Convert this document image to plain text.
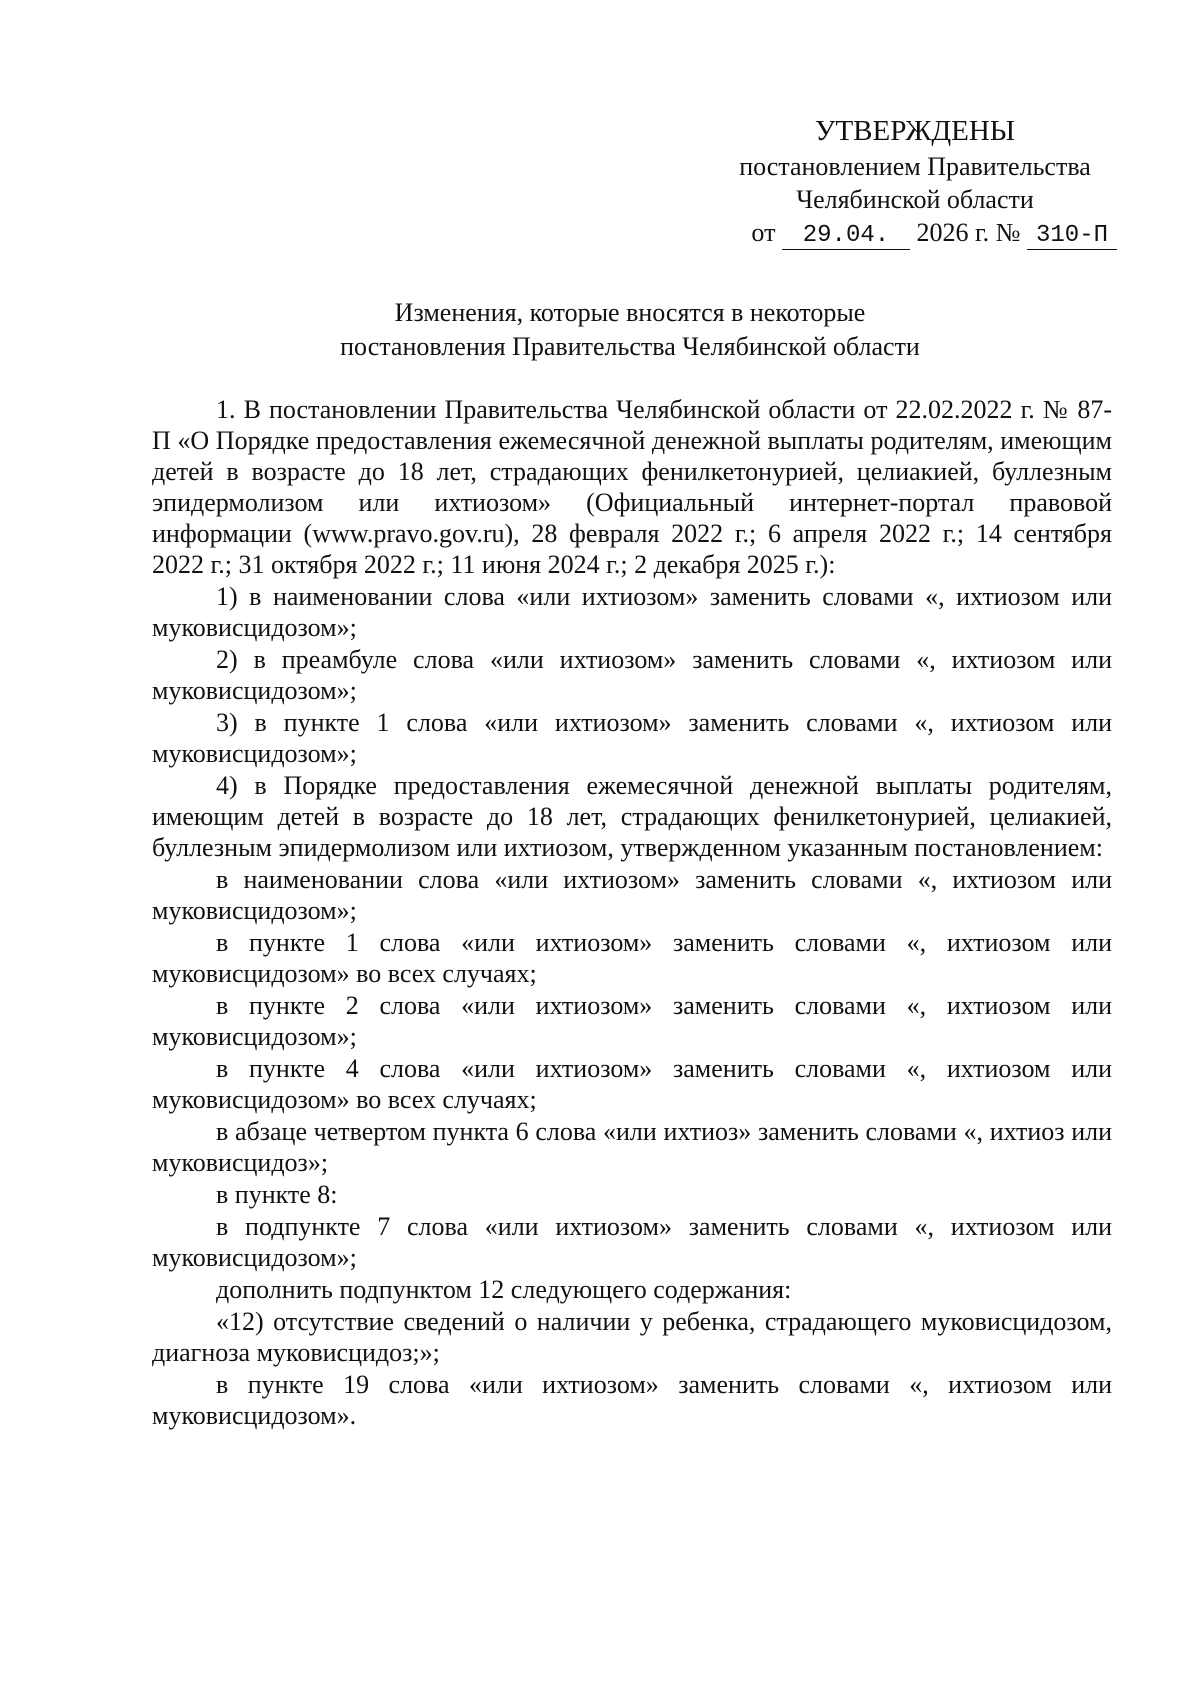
УТВЕРЖДЕНЫ
постановлением Правительства
Челябинской области
от 29.04. 2026 г. № 310-П
Изменения, которые вносятся в некоторые
постановления Правительства Челябинской области

1. В постановлении Правительства Челябинской области от 22.02.2022 г. № 87-П «О Порядке предоставления ежемесячной денежной выплаты родителям, имеющим детей в возрасте до 18 лет, страдающих фенилкетонурией, целиакией, буллезным эпидермолизом или ихтиозом» (Официальный интернет-портал правовой информации (www.pravo.gov.ru), 28 февраля 2022 г.; 6 апреля 2022 г.; 14 сентября 2022 г.; 31 октября 2022 г.; 11 июня 2024 г.; 2 декабря 2025 г.):

1) в наименовании слова «или ихтиозом» заменить словами «, ихтиозом или муковисцидозом»;

2) в преамбуле слова «или ихтиозом» заменить словами «, ихтиозом или муковисцидозом»;

3) в пункте 1 слова «или ихтиозом» заменить словами «, ихтиозом или муковисцидозом»;

4) в Порядке предоставления ежемесячной денежной выплаты родителям, имеющим детей в возрасте до 18 лет, страдающих фенилкетонурией, целиакией, буллезным эпидермолизом или ихтиозом, утвержденном указанным постановлением:

в наименовании слова «или ихтиозом» заменить словами «, ихтиозом или муковисцидозом»;

в пункте 1 слова «или ихтиозом» заменить словами «, ихтиозом или муковисцидозом» во всех случаях;

в пункте 2 слова «или ихтиозом» заменить словами «, ихтиозом или муковисцидозом»;

в пункте 4 слова «или ихтиозом» заменить словами «, ихтиозом или муковисцидозом» во всех случаях;

в абзаце четвертом пункта 6 слова «или ихтиоз» заменить словами «, ихтиоз или муковисцидоз»;

в пункте 8:

в подпункте 7 слова «или ихтиозом» заменить словами «, ихтиозом или муковисцидозом»;

дополнить подпунктом 12 следующего содержания:

«12) отсутствие сведений о наличии у ребенка, страдающего муковисцидозом, диагноза муковисцидоз;»;

в пункте 19 слова «или ихтиозом» заменить словами «, ихтиозом или муковисцидозом».
